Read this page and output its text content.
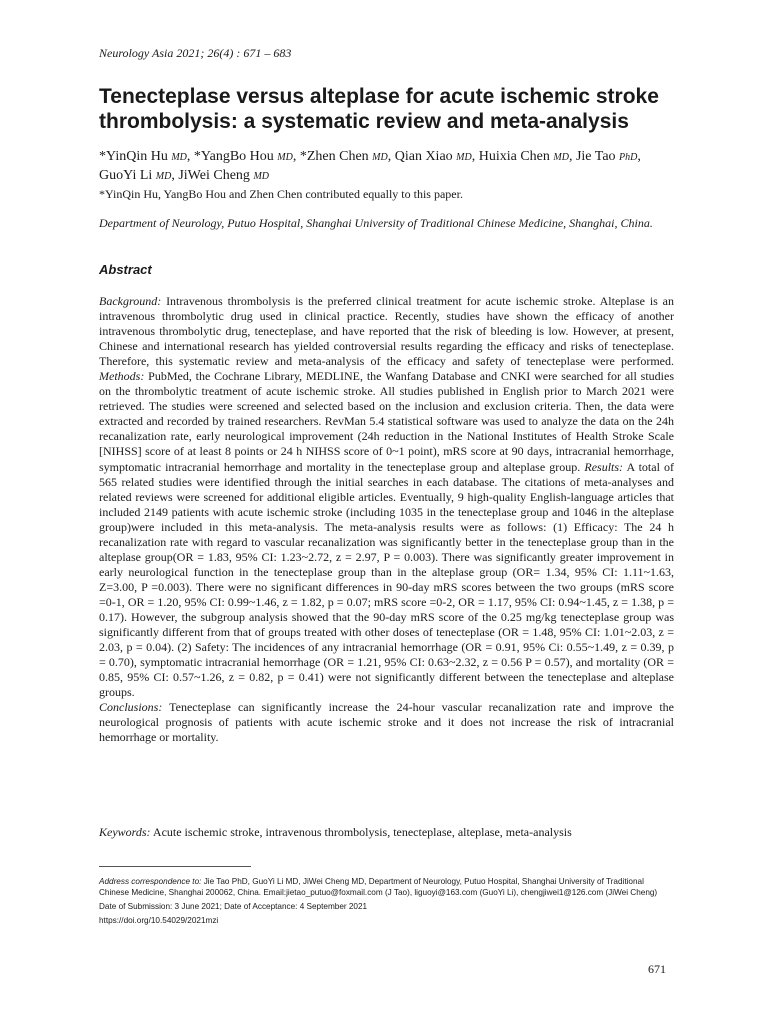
Neurology Asia 2021; 26(4) : 671 – 683
Tenecteplase versus alteplase for acute ischemic stroke thrombolysis: a systematic review and meta-analysis
*YinQin Hu MD, *YangBo Hou MD, *Zhen Chen MD, Qian Xiao MD, Huixia Chen MD, Jie Tao PhD, GuoYi Li MD, JiWei Cheng MD
*YinQin Hu, YangBo Hou and Zhen Chen contributed equally to this paper.
Department of Neurology, Putuo Hospital, Shanghai University of Traditional Chinese Medicine, Shanghai, China.
Abstract

Background: Intravenous thrombolysis is the preferred clinical treatment for acute ischemic stroke. Alteplase is an intravenous thrombolytic drug used in clinical practice. Recently, studies have shown the efficacy of another intravenous thrombolytic drug, tenecteplase, and have reported that the risk of bleeding is low. However, at present, Chinese and international research has yielded controversial results regarding the efficacy and risks of tenecteplase. Therefore, this systematic review and meta-analysis of the efficacy and safety of tenecteplase were performed. Methods: PubMed, the Cochrane Library, MEDLINE, the Wanfang Database and CNKI were searched for all studies on the thrombolytic treatment of acute ischemic stroke. All studies published in English prior to March 2021 were retrieved. The studies were screened and selected based on the inclusion and exclusion criteria. Then, the data were extracted and recorded by trained researchers. RevMan 5.4 statistical software was used to analyze the data on the 24h recanalization rate, early neurological improvement (24h reduction in the National Institutes of Health Stroke Scale [NIHSS] score of at least 8 points or 24 h NIHSS score of 0~1 point), mRS score at 90 days, intracranial hemorrhage, symptomatic intracranial hemorrhage and mortality in the tenecteplase group and alteplase group. Results: A total of 565 related studies were identified through the initial searches in each database. The citations of meta-analyses and related reviews were screened for additional eligible articles. Eventually, 9 high-quality English-language articles that included 2149 patients with acute ischemic stroke (including 1035 in the tenecteplase group and 1046 in the alteplase group)were included in this meta-analysis. The meta-analysis results were as follows: (1) Efficacy: The 24 h recanalization rate with regard to vascular recanalization was significantly better in the tenecteplase group than in the alteplase group(OR = 1.83, 95% CI: 1.23~2.72, z = 2.97, P = 0.003). There was significantly greater improvement in early neurological function in the tenecteplase group than in the alteplase group (OR= 1.34, 95% CI: 1.11~1.63, Z=3.00, P =0.003). There were no significant differences in 90-day mRS scores between the two groups (mRS score =0-1, OR = 1.20, 95% CI: 0.99~1.46, z = 1.82, p = 0.07; mRS score =0-2, OR = 1.17, 95% CI: 0.94~1.45, z = 1.38, p = 0.17). However, the subgroup analysis showed that the 90-day mRS score of the 0.25 mg/kg tenecteplase group was significantly different from that of groups treated with other doses of tenecteplase (OR = 1.48, 95% CI: 1.01~2.03, z = 2.03, p = 0.04). (2) Safety: The incidences of any intracranial hemorrhage (OR = 0.91, 95% Ci: 0.55~1.49, z = 0.39, p = 0.70), symptomatic intracranial hemorrhage (OR = 1.21, 95% CI: 0.63~2.32, z = 0.56 P = 0.57), and mortality (OR = 0.85, 95% CI: 0.57~1.26, z = 0.82, p = 0.41) were not significantly different between the tenecteplase and alteplase groups.

Conclusions: Tenecteplase can significantly increase the 24-hour vascular recanalization rate and improve the neurological prognosis of patients with acute ischemic stroke and it does not increase the risk of intracranial hemorrhage or mortality.

Keywords: Acute ischemic stroke, intravenous thrombolysis, tenecteplase, alteplase, meta-analysis
Address correspondence to: Jie Tao PhD, GuoYi Li MD, JiWei Cheng MD, Department of Neurology, Putuo Hospital, Shanghai University of Traditional Chinese Medicine, Shanghai 200062, China. Email:jietao_putuo@foxmail.com (J Tao), liguoyi@163.com (GuoYi Li), chengjiwei1@126.com (JiWei Cheng)
Date of Submission: 3 June 2021; Date of Acceptance: 4 September 2021
https://doi.org/10.54029/2021mzi
671
